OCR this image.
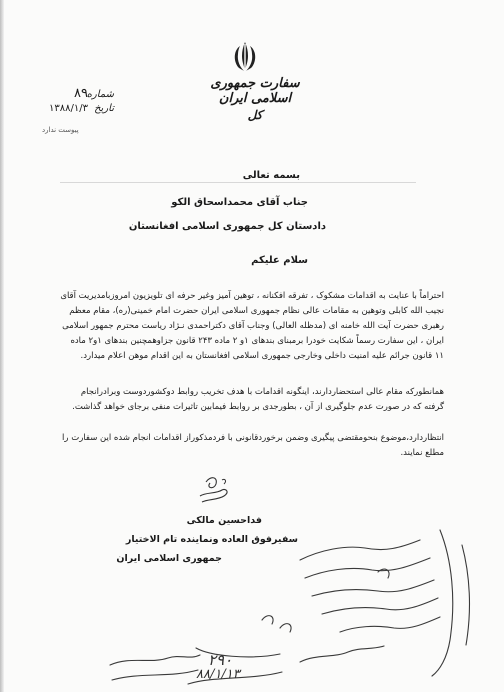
سفارت جمهوری اسلامی ایران
کل
شماره
۸۹
تاریخ
۱۳۸۸/۱/۳
پیوست ندارد
بسمه تعالی
جناب آقای محمداسحاق الکو
دادستان کل جمهوری اسلامی افغانستان
سلام علیکم
احتراماً با عنایت به اقدامات مشکوک ، تفرقه افکنانه ، توهین آمیز وغیر حرفه ای تلویزیون امروزبامدیریت آقای نجیب الله کابلی وتوهین به مقامات عالی نظام جمهوری اسلامی ایران حضرت امام خمینی(ره)، مقام معظم رهبری حضرت آیت الله خامنه ای (مدظله العالی) وجناب آقای دکتراحمدی نـژاد ریاست محترم جمهور اسلامی ایران ، این سفارت رسماً شکایت خودرا برمبنای بندهای ۱و ۲ ماده ۲۴۳ قانون جزاوهمچنین بندهای ۱و۲ ماده ۱۱ قانون جرائم علیه امنیت داخلی وخارجی جمهوری اسلامی افغانستان به این اقدام موهن اعلام میدارد.
همانطورکه مقام عالی استحضاردارند، اینگونه اقدامات با هدف تخریب روابط دوکشوردوست وبرادرانجام گرفته که در صورت عدم جلوگیری از آن ، بطورجدی بر روابط فیمابین تاثیرات منفی برجای خواهد گذاشت.
انتظاردارد،موضوع بنحومقتضی پیگیری وضمن برخوردقانونی با فردمذکوراز اقدامات انجام شده این سفارت را مطلع نمایند.
فداحسین مالکی
سفیرفوق العاده ونماینده تام الاختیار
جمهوری اسلامی ایران
۲۹۰
۸۸/۱/۱۳
